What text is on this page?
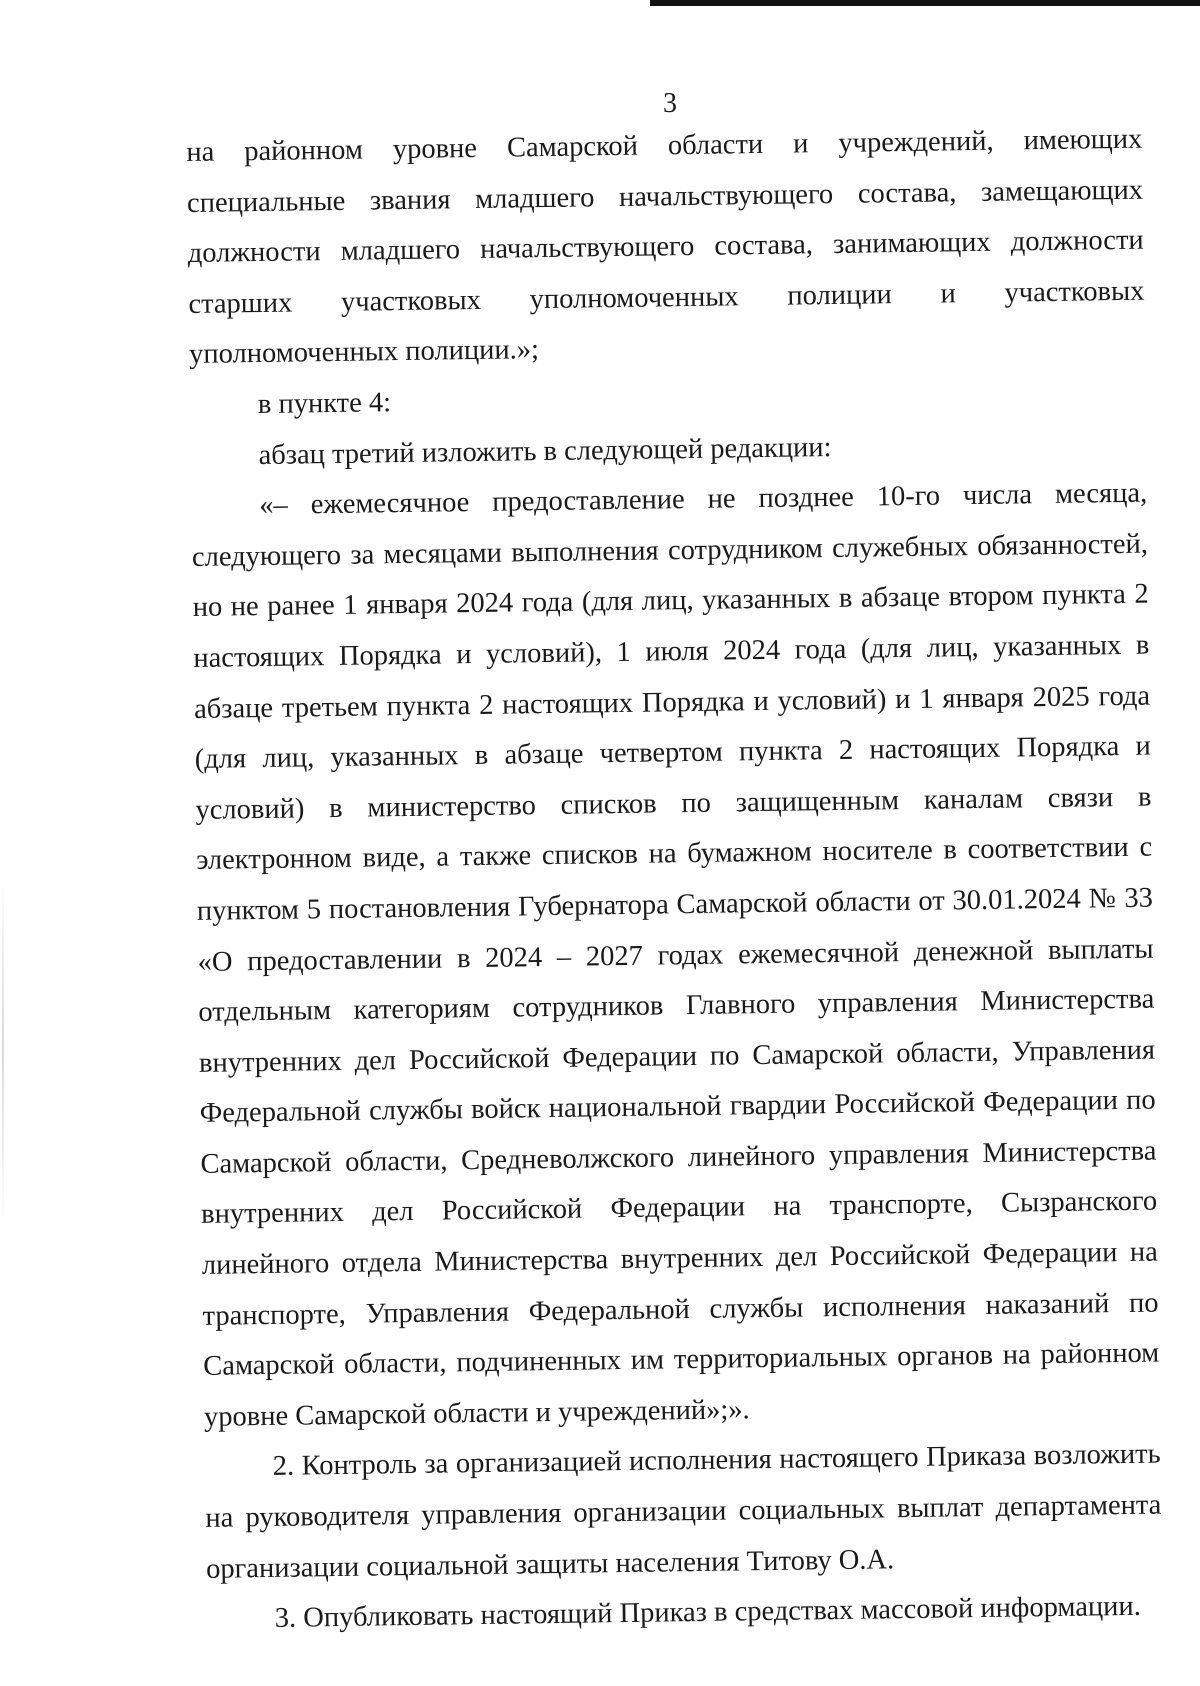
3

на районном уровне Самарской области и учреждений, имеющих специальные звания младшего начальствующего состава, замещающих должности младшего начальствующего состава, занимающих должности старших участковых уполномоченных полиции и участковых уполномоченных полиции.»;

в пункте 4:

абзац третий изложить в следующей редакции:

«– ежемесячное предоставление не позднее 10-го числа месяца, следующего за месяцами выполнения сотрудником служебных обязанностей, но не ранее 1 января 2024 года (для лиц, указанных в абзаце втором пункта 2 настоящих Порядка и условий), 1 июля 2024 года (для лиц, указанных в абзаце третьем пункта 2 настоящих Порядка и условий) и 1 января 2025 года (для лиц, указанных в абзаце четвертом пункта 2 настоящих Порядка и условий) в министерство списков по защищенным каналам связи в электронном виде, а также списков на бумажном носителе в соответствии с пунктом 5 постановления Губернатора Самарской области от 30.01.2024 № 33 «О предоставлении в 2024 – 2027 годах ежемесячной денежной выплаты отдельным категориям сотрудников Главного управления Министерства внутренних дел Российской Федерации по Самарской области, Управления Федеральной службы войск национальной гвардии Российской Федерации по Самарской области, Средневолжского линейного управления Министерства внутренних дел Российской Федерации на транспорте, Сызранского линейного отдела Министерства внутренних дел Российской Федерации на транспорте, Управления Федеральной службы исполнения наказаний по Самарской области, подчиненных им территориальных органов на районном уровне Самарской области и учреждений»;».

2. Контроль за организацией исполнения настоящего Приказа возложить на руководителя управления организации социальных выплат департамента организации социальной защиты населения Титову О.А.

3. Опубликовать настоящий Приказ в средствах массовой информации.
